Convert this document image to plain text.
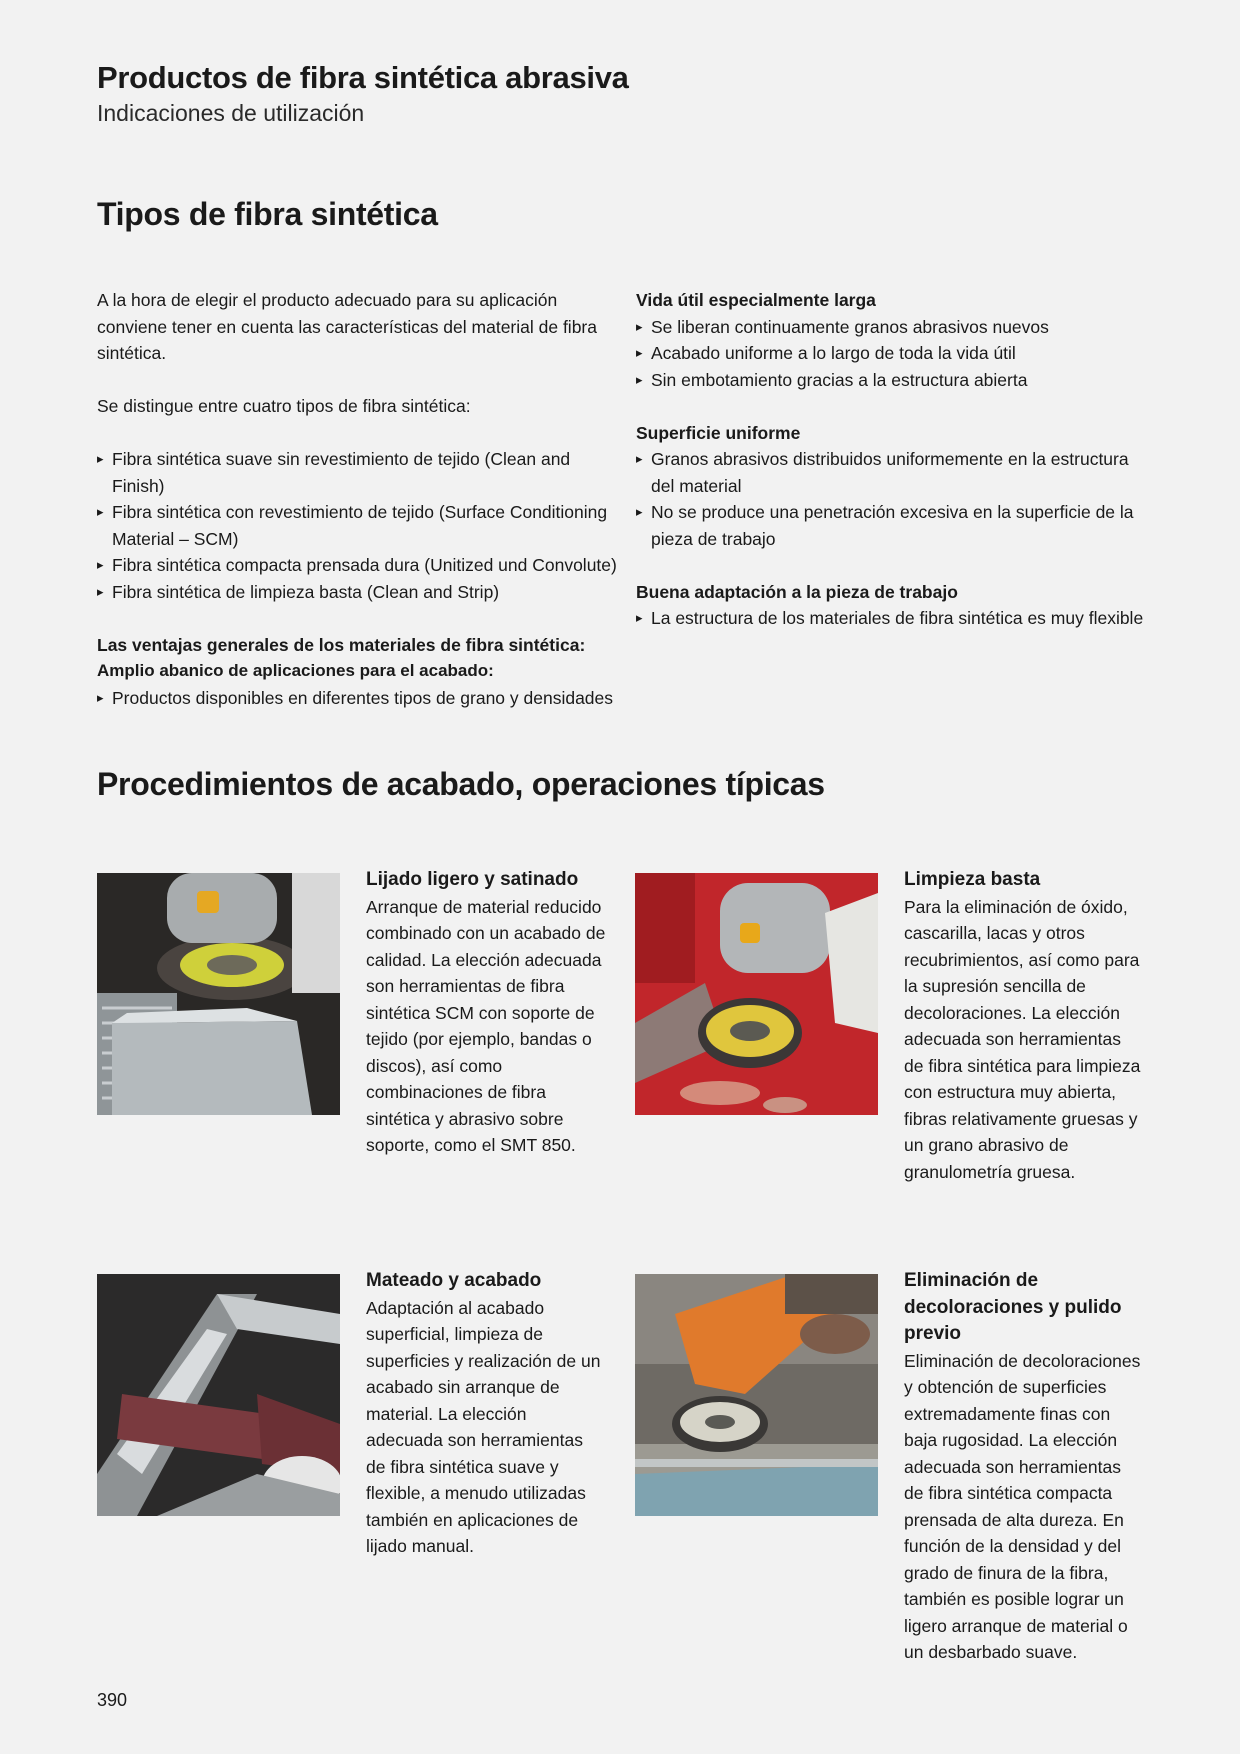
Productos de fibra sintética abrasiva
Indicaciones de utilización
Tipos de fibra sintética

A la hora de elegir el producto adecuado para su aplicación conviene tener en cuenta las características del material de fibra sintética.

Se distingue entre cuatro tipos de fibra sintética:

▸ Fibra sintética suave sin revestimiento de tejido (Clean and Finish)
▸ Fibra sintética con revestimiento de tejido (Surface Conditioning Material – SCM)
▸ Fibra sintética compacta prensada dura (Unitized und Convolute)
▸ Fibra sintética de limpieza basta (Clean and Strip)

Las ventajas generales de los materiales de fibra sintética:

Amplio abanico de aplicaciones para el acabado:

▸ Productos disponibles en diferentes tipos de grano y densidades

Vida útil especialmente larga

▸ Se liberan continuamente granos abrasivos nuevos
▸ Acabado uniforme a lo largo de toda la vida útil
▸ Sin embotamiento gracias a la estructura abierta

Superficie uniforme

▸ Granos abrasivos distribuidos uniformemente en la estructura del material
▸ No se produce una penetración excesiva en la superficie de la pieza de trabajo

Buena adaptación a la pieza de trabajo

▸ La estructura de los materiales de fibra sintética es muy flexible
Procedimientos de acabado, operaciones típicas
Lijado ligero y satinado
Arranque de material reducido combinado con un acabado de calidad. La elección adecuada son herramientas de fibra sintética SCM con soporte de tejido (por ejemplo, bandas o discos), así como combinaciones de fibra sintética y abrasivo sobre soporte, como el SMT 850.
Limpieza basta
Para la eliminación de óxido, cascarilla, lacas y otros recubrimientos, así como para la supresión sencilla de decoloraciones. La elección adecuada son herramientas de fibra sintética para limpieza con estructura muy abierta, fibras relativamente gruesas y un grano abrasivo de granulometría gruesa.
Mateado y acabado
Adaptación al acabado superficial, limpieza de superficies y realización de un acabado sin arranque de material. La elección adecuada son herramientas de fibra sintética suave y flexible, a menudo utilizadas también en aplicaciones de lijado manual.
Eliminación de decoloraciones y pulido previo
Eliminación de decoloraciones y obtención de superficies extremadamente finas con baja rugosidad. La elección adecuada son herramientas de fibra sintética compacta prensada de alta dureza. En función de la densidad y del grado de finura de la fibra, también es posible lograr un ligero arranque de material o un desbarbado suave.
390
